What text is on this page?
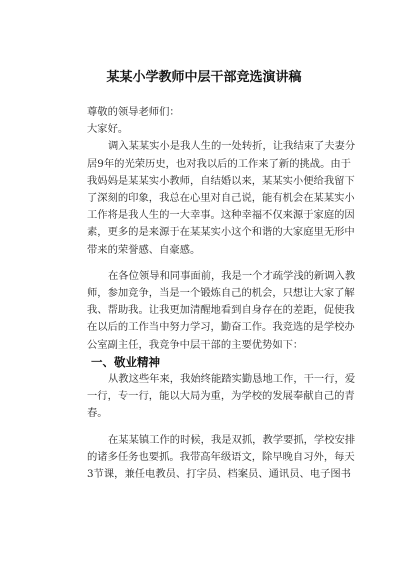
某某小学教师中层干部竞选演讲稿

尊敬的领导老师们：

大家好。

调入某某实小是我人生的一处转折，让我结束了夫妻分

居9年的光荣历史，也对我以后的工作来了新的挑战。由于

我妈妈是某某实小教师，自结婚以来，某某实小便给我留下

了深刻的印象，我总在心里对自己说，能有机会在某某实小

工作将是我人生的一大幸事。这种幸福不仅来源于家庭的因

素，更多的是来源于在某某实小这个和谐的大家庭里无形中

带来的荣誉感、自豪感。

在各位领导和同事面前，我是一个才疏学浅的新调入教

师，参加竞争，当是一个锻炼自己的机会，只想让大家了解

我、帮助我。让我更加清醒地看到自身存在的差距，促使我

在以后的工作当中努力学习，勤奋工作。我竞选的是学校办

公室副主任，我竞争中层干部的主要优势如下：

一、敬业精神

从教这些年来，我始终能踏实勤恳地工作，干一行，爱

一行，专一行，能以大局为重，为学校的发展奉献自己的青

春。

在某某镇工作的时候，我是双抓，教学要抓，学校安排

的诸多任务也要抓。我带高年级语文，除早晚自习外，每天

3节课，兼任电教员、打字员、档案员、通讯员、电子图书
